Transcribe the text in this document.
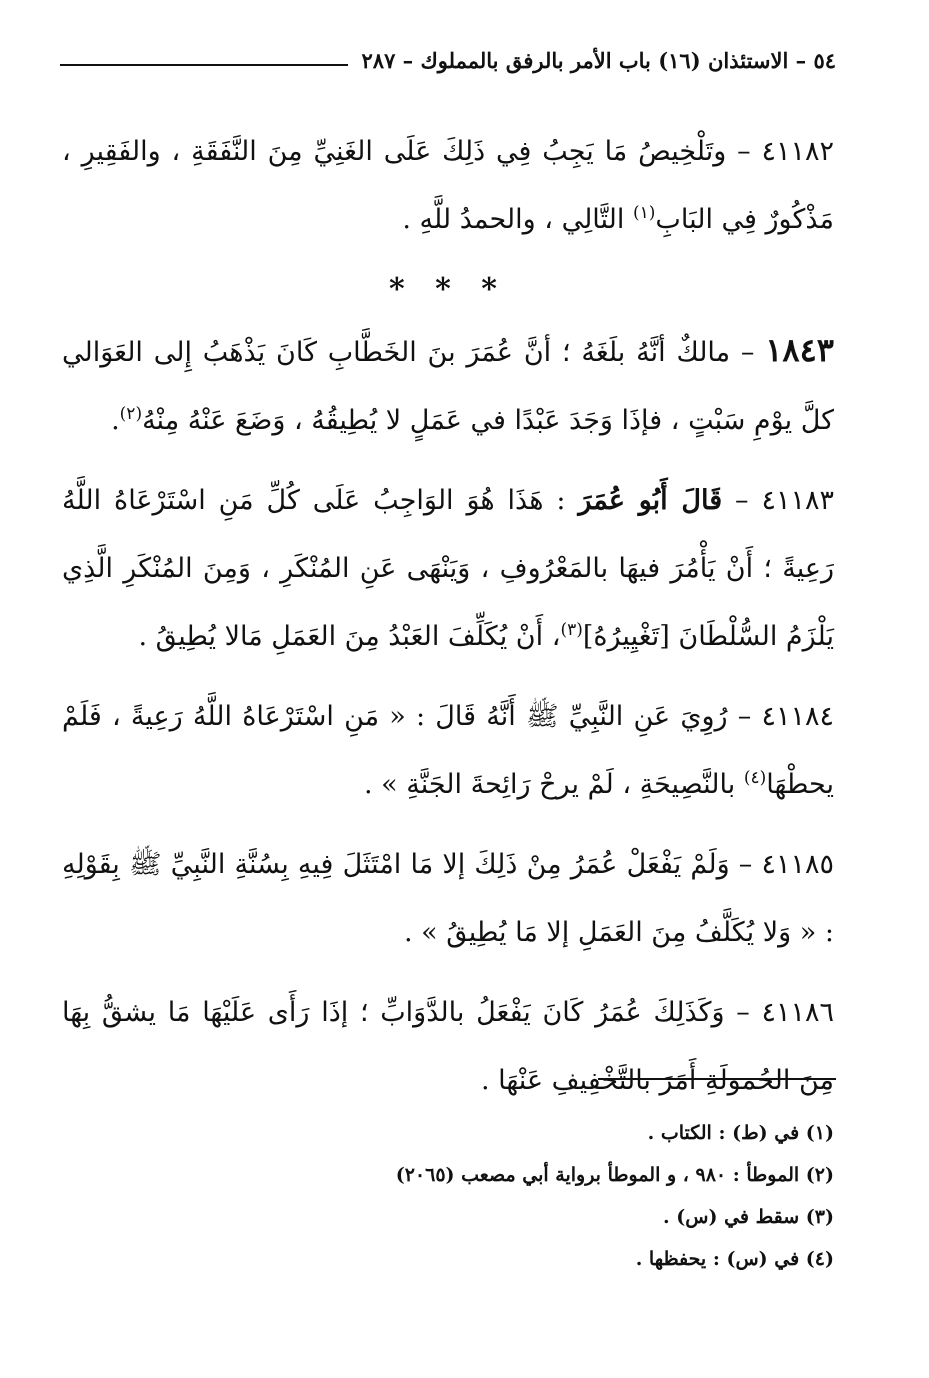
٥٤ – الاستئذان (١٦) باب الأمر بالرفق بالمملوك – ٢٨٧

٤١١٨٢ – وتَلْخِيصُ مَا يَجِبُ فِي ذَلِكَ عَلَى الغَنِيِّ مِنَ النَّفَقَةِ ، والفَقِيرِ ، مَذْكُورٌ فِي البَابِ$^{(١)}$ التَّالِي ، والحمدُ للَّهِ .

* * *

١٨٤٣ – مالكٌ أنَّهُ بلَغَهُ ؛ أنَّ عُمَرَ بنَ الخَطَّابِ كَانَ يَذْهَبُ إِلى العَوَالي كلَّ يوْمِ سَبْتٍ ، فإذَا وَجَدَ عَبْدًا في عَمَلٍ لا يُطِيقُهُ ، وَضَعَ عَنْهُ مِنْهُ$^{(٢)}$.

٤١١٨٣ – قَالَ أَبُو عُمَرَ : هَذَا هُوَ الوَاجِبُ عَلَى كُلِّ مَنِ اسْتَرْعَاهُ اللَّهُ رَعِيةً ؛ أَنْ يَأْمُرَ فيهَا بالمَعْرُوفِ ، وَيَنْهَى عَنِ المُنْكَرِ ، وَمِنَ المُنْكَرِ الَّذِي يَلْزَمُ السُّلْطَانَ [تَغْيِيرُهُ]$^{(٣)}$، أَنْ يُكَلِّفَ العَبْدُ مِنَ العَمَلِ مَالا يُطِيقُ .

٤١١٨٤ – رُوِيَ عَنِ النَّبِيِّ ﷺ أَنَّهُ قَالَ : « مَنِ اسْتَرْعَاهُ اللَّهُ رَعِيةً ، فَلَمْ يحطْهَا$^{(٤)}$ بالنَّصِيحَةِ ، لَمْ يرحْ رَائِحةَ الجَنَّةِ » .

٤١١٨٥ – وَلَمْ يَفْعَلْ عُمَرُ مِنْ ذَلِكَ إلا مَا امْتَثَلَ فِيهِ بِسُنَّةِ النَّبِيِّ ﷺ بِقَوْلِهِ : « وَلا يُكَلَّفُ مِنَ العَمَلِ إلا مَا يُطِيقُ » .

٤١١٨٦ – وَكَذَلِكَ عُمَرُ كَانَ يَفْعَلُ بالدَّوَابِّ ؛ إذَا رَأَى عَلَيْهَا مَا يشقُّ بِهَا مِنَ الحُمولَةِ أَمَرَ بالتَّخْفِيفِ عَنْهَا .

(١) في (ط) : الكتاب .

(٢) الموطأ : ٩٨٠ ، و الموطأ برواية أبي مصعب (٢٠٦٥)

(٣) سقط في (س) .

(٤) في (س) : يحفظها .
